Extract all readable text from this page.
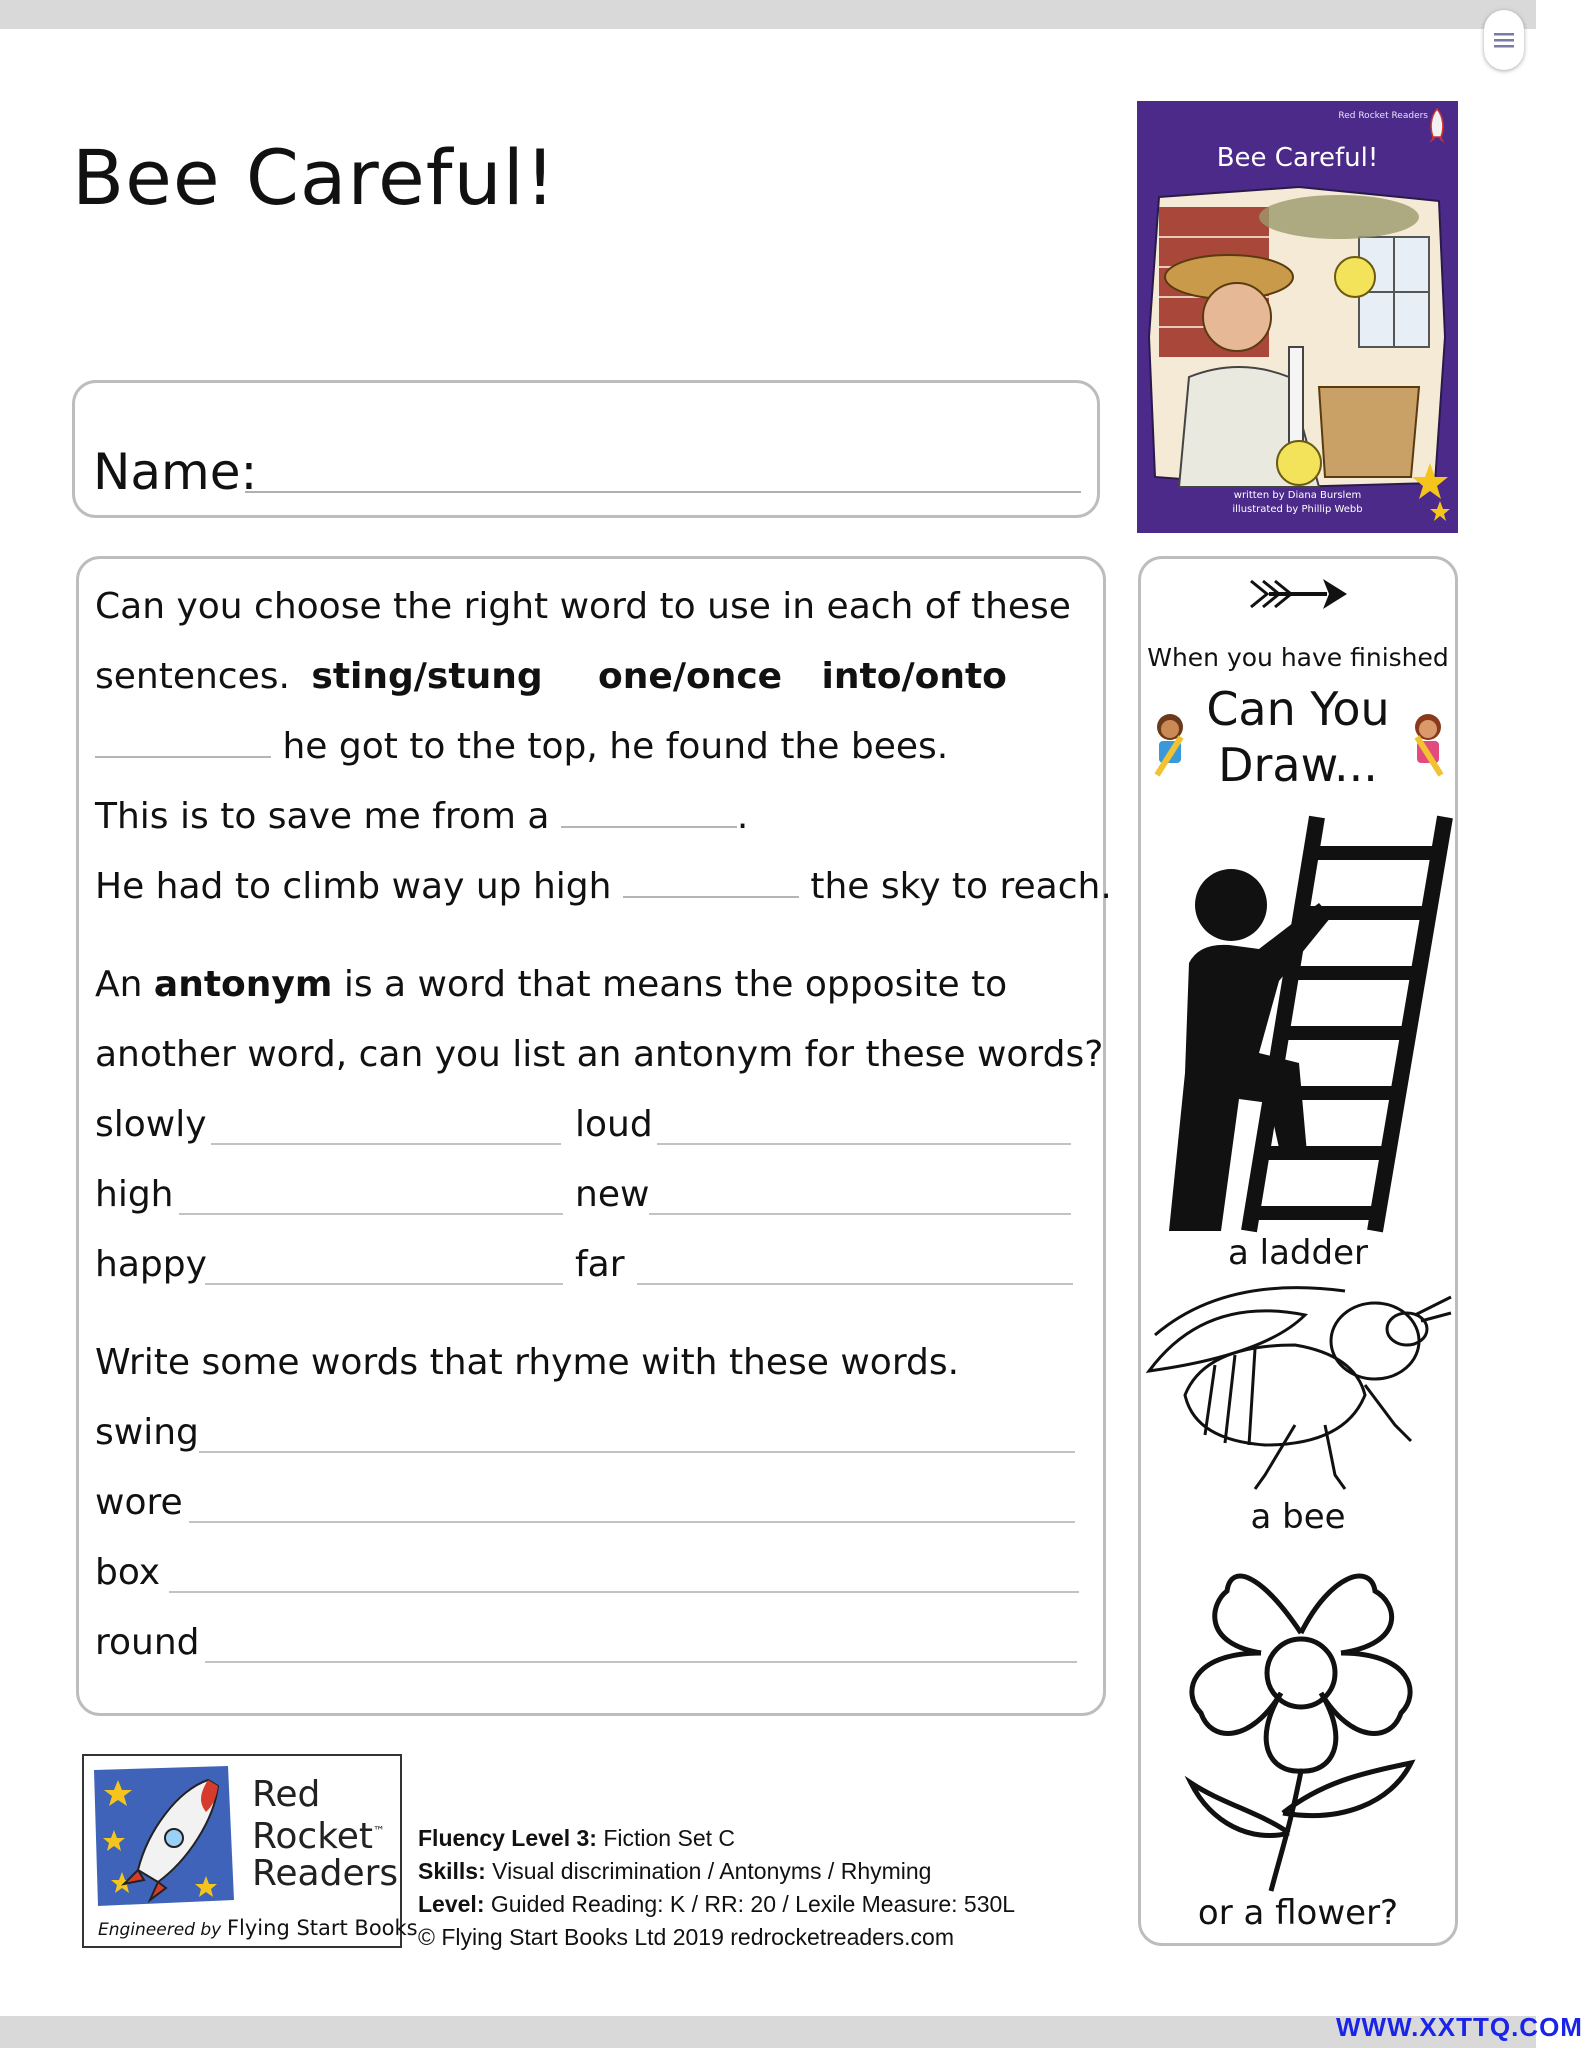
Bee Careful!
Name:
Can you choose the right word to use in each of these
sentences. sting/stung one/once into/onto
he got to the top, he found the bees.
This is to save me from a	.
He had to climb way up high	the sky to reach.
An antonym is a word that means the opposite to
another word, can you list an antonym for these words?
slowly	loud
high	new
happy	far
Write some words that rhyme with these words.
swing
wore
box
round
Red Rocket Readers
Bee Careful!
written by Diana Burslem
illustrated by Phillip Webb
When you have finished
Can You
Draw...
a ladder
a bee
or a flower?
Red
Rocket™
Readers
Engineered by Flying Start Books
Fluency Level 3: Fiction Set C
Skills: Visual discrimination / Antonyms / Rhyming
Level: Guided Reading: K / RR: 20 / Lexile Measure: 530L
© Flying Start Books Ltd 2019 redrocketreaders.com
WWW.XXTTQ.COM
